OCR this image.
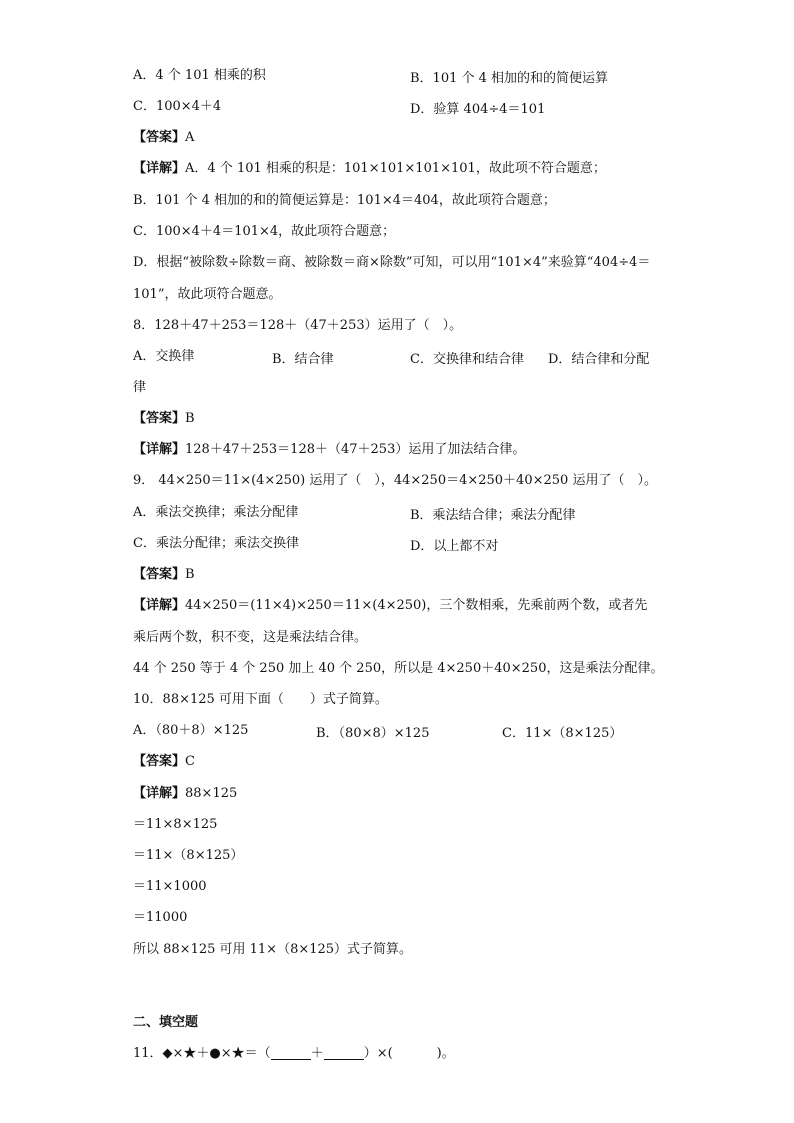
A．4 个 101 相乘的积	B．101 个 4 相加的和的简便运算
C．100×4＋4	D．验算 404÷4＝101
【答案】A
【详解】A．4 个 101 相乘的积是：101×101×101×101，故此项不符合题意；
B．101 个 4 相加的和的简便运算是：101×4＝404，故此项符合题意；
C．100×4＋4＝101×4，故此项符合题意；
D．根据“被除数÷除数＝商、被除数＝商×除数”可知，可以用“101×4”来验算“404÷4＝
101”，故此项符合题意。
8．128＋47＋253＝128＋（47＋253）运用了（　）。
A．交换律	B．结合律	C．交换律和结合律 D．结合律和分配
律
【答案】B
【详解】128＋47＋253＝128＋（47＋253）运用了加法结合律。
9． 44×250＝11×(4×250) 运用了（　），44×250＝4×250＋40×250 运用了（　）。
A．乘法交换律；乘法分配律	B．乘法结合律；乘法分配律
C．乘法分配律；乘法交换律	D．以上都不对
【答案】B
【详解】44×250＝(11×4)×250＝11×(4×250)，三个数相乘，先乘前两个数，或者先
乘后两个数，积不变，这是乘法结合律。
44 个 250 等于 4 个 250 加上 40 个 250，所以是 4×250＋40×250，这是乘法分配律。
10．88×125 可用下面（　　）式子简算。
A．（80＋8）×125	B．（80×8）×125	C．11×（8×125）
【答案】C
【详解】88×125
＝11×8×125
＝11×（8×125）
＝11×1000
＝11000
所以 88×125 可用 11×（8×125）式子简算。
二、填空题
11．◆×★＋●×★＝（	＋	）×(	)。
